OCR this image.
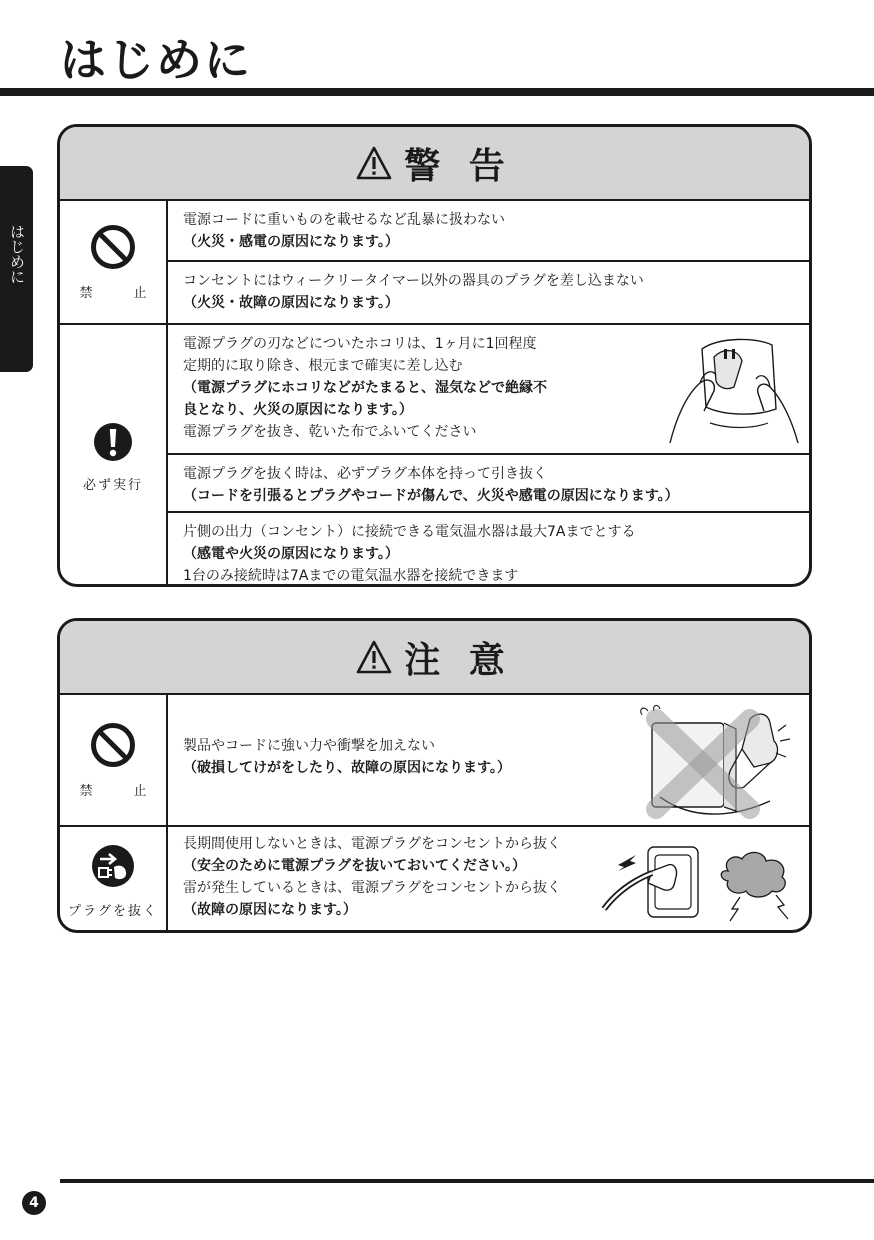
はじめに
はじめに
警 告
禁　止

電源コードに重いものを載せるなど乱暴に扱わない

（火災・感電の原因になります。）

コンセントにはウィークリータイマー以外の器具のプラグを差し込まない

（火災・故障の原因になります。）

必ず実行

電源プラグの刃などについたホコリは、1ヶ月に1回程度

定期的に取り除き、根元まで確実に差し込む

（電源プラグにホコリなどがたまると、湿気などで絶縁不

良となり、火災の原因になります。）

電源プラグを抜き、乾いた布でふいてください

電源プラグを抜く時は、必ずプラグ本体を持って引き抜く

（コードを引張るとプラグやコードが傷んで、火災や感電の原因になります。）

片側の出力（コンセント）に接続できる電気温水器は最大7Aまでとする

（感電や火災の原因になります。）

1台のみ接続時は7Aまでの電気温水器を接続できます

注 意
禁　止

製品やコードに強い力や衝撃を加えない

（破損してけがをしたり、故障の原因になります。）

プラグを抜く

長期間使用しないときは、電源プラグをコンセントから抜く

（安全のために電源プラグを抜いておいてください。）

雷が発生しているときは、電源プラグをコンセントから抜く

（故障の原因になります。）

4
